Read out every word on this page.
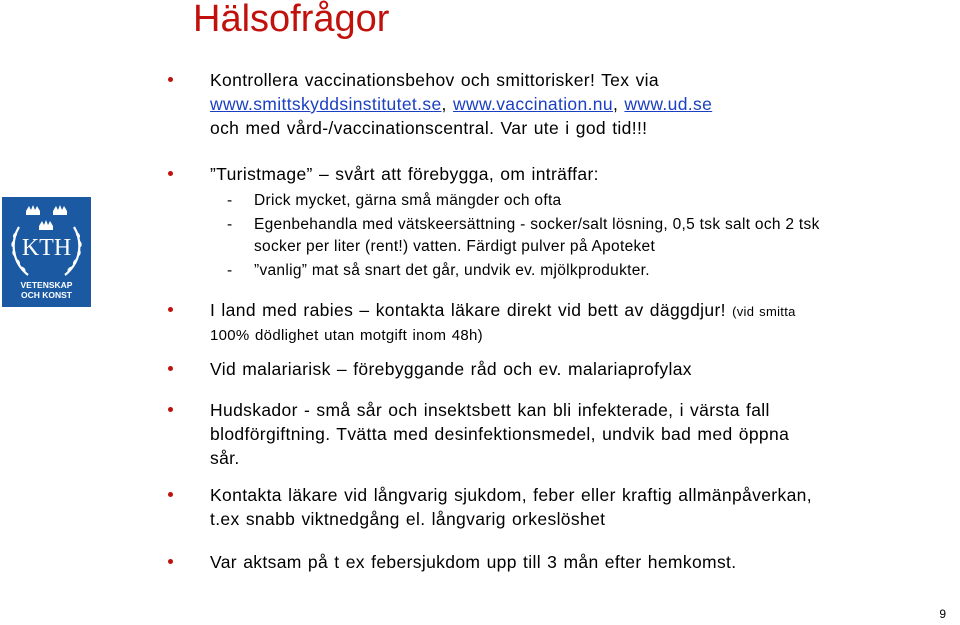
Hälsofrågor
KTH
VETENSKAP
OCH KONST
Kontrollera vaccinationsbehov och smittorisker! Tex via
www.smittskyddsinstitutet.se, www.vaccination.nu, www.ud.se
och med vård-/vaccinationscentral. Var ute i god tid!!!
”Turistmage” – svårt att förebygga, om inträffar:
- Drick mycket, gärna små mängder och ofta
- Egenbehandla med vätskeersättning - socker/salt lösning, 0,5 tsk salt och 2 tsk
socker per liter (rent!) vatten. Färdigt pulver på Apoteket
- ”vanlig” mat så snart det går, undvik ev. mjölkprodukter.
I land med rabies – kontakta läkare direkt vid bett av däggdjur! (vid smitta
100% dödlighet utan motgift inom 48h)
Vid malariarisk – förebyggande råd och ev. malariaprofylax
Hudskador - små sår och insektsbett kan bli infekterade, i värsta fall
blodförgiftning. Tvätta med desinfektionsmedel, undvik bad med öppna
sår.
Kontakta läkare vid långvarig sjukdom, feber eller kraftig allmänpåverkan,
t.ex snabb viktnedgång el. långvarig orkeslöshet
Var aktsam på t ex febersjukdom upp till 3 mån efter hemkomst.
9
